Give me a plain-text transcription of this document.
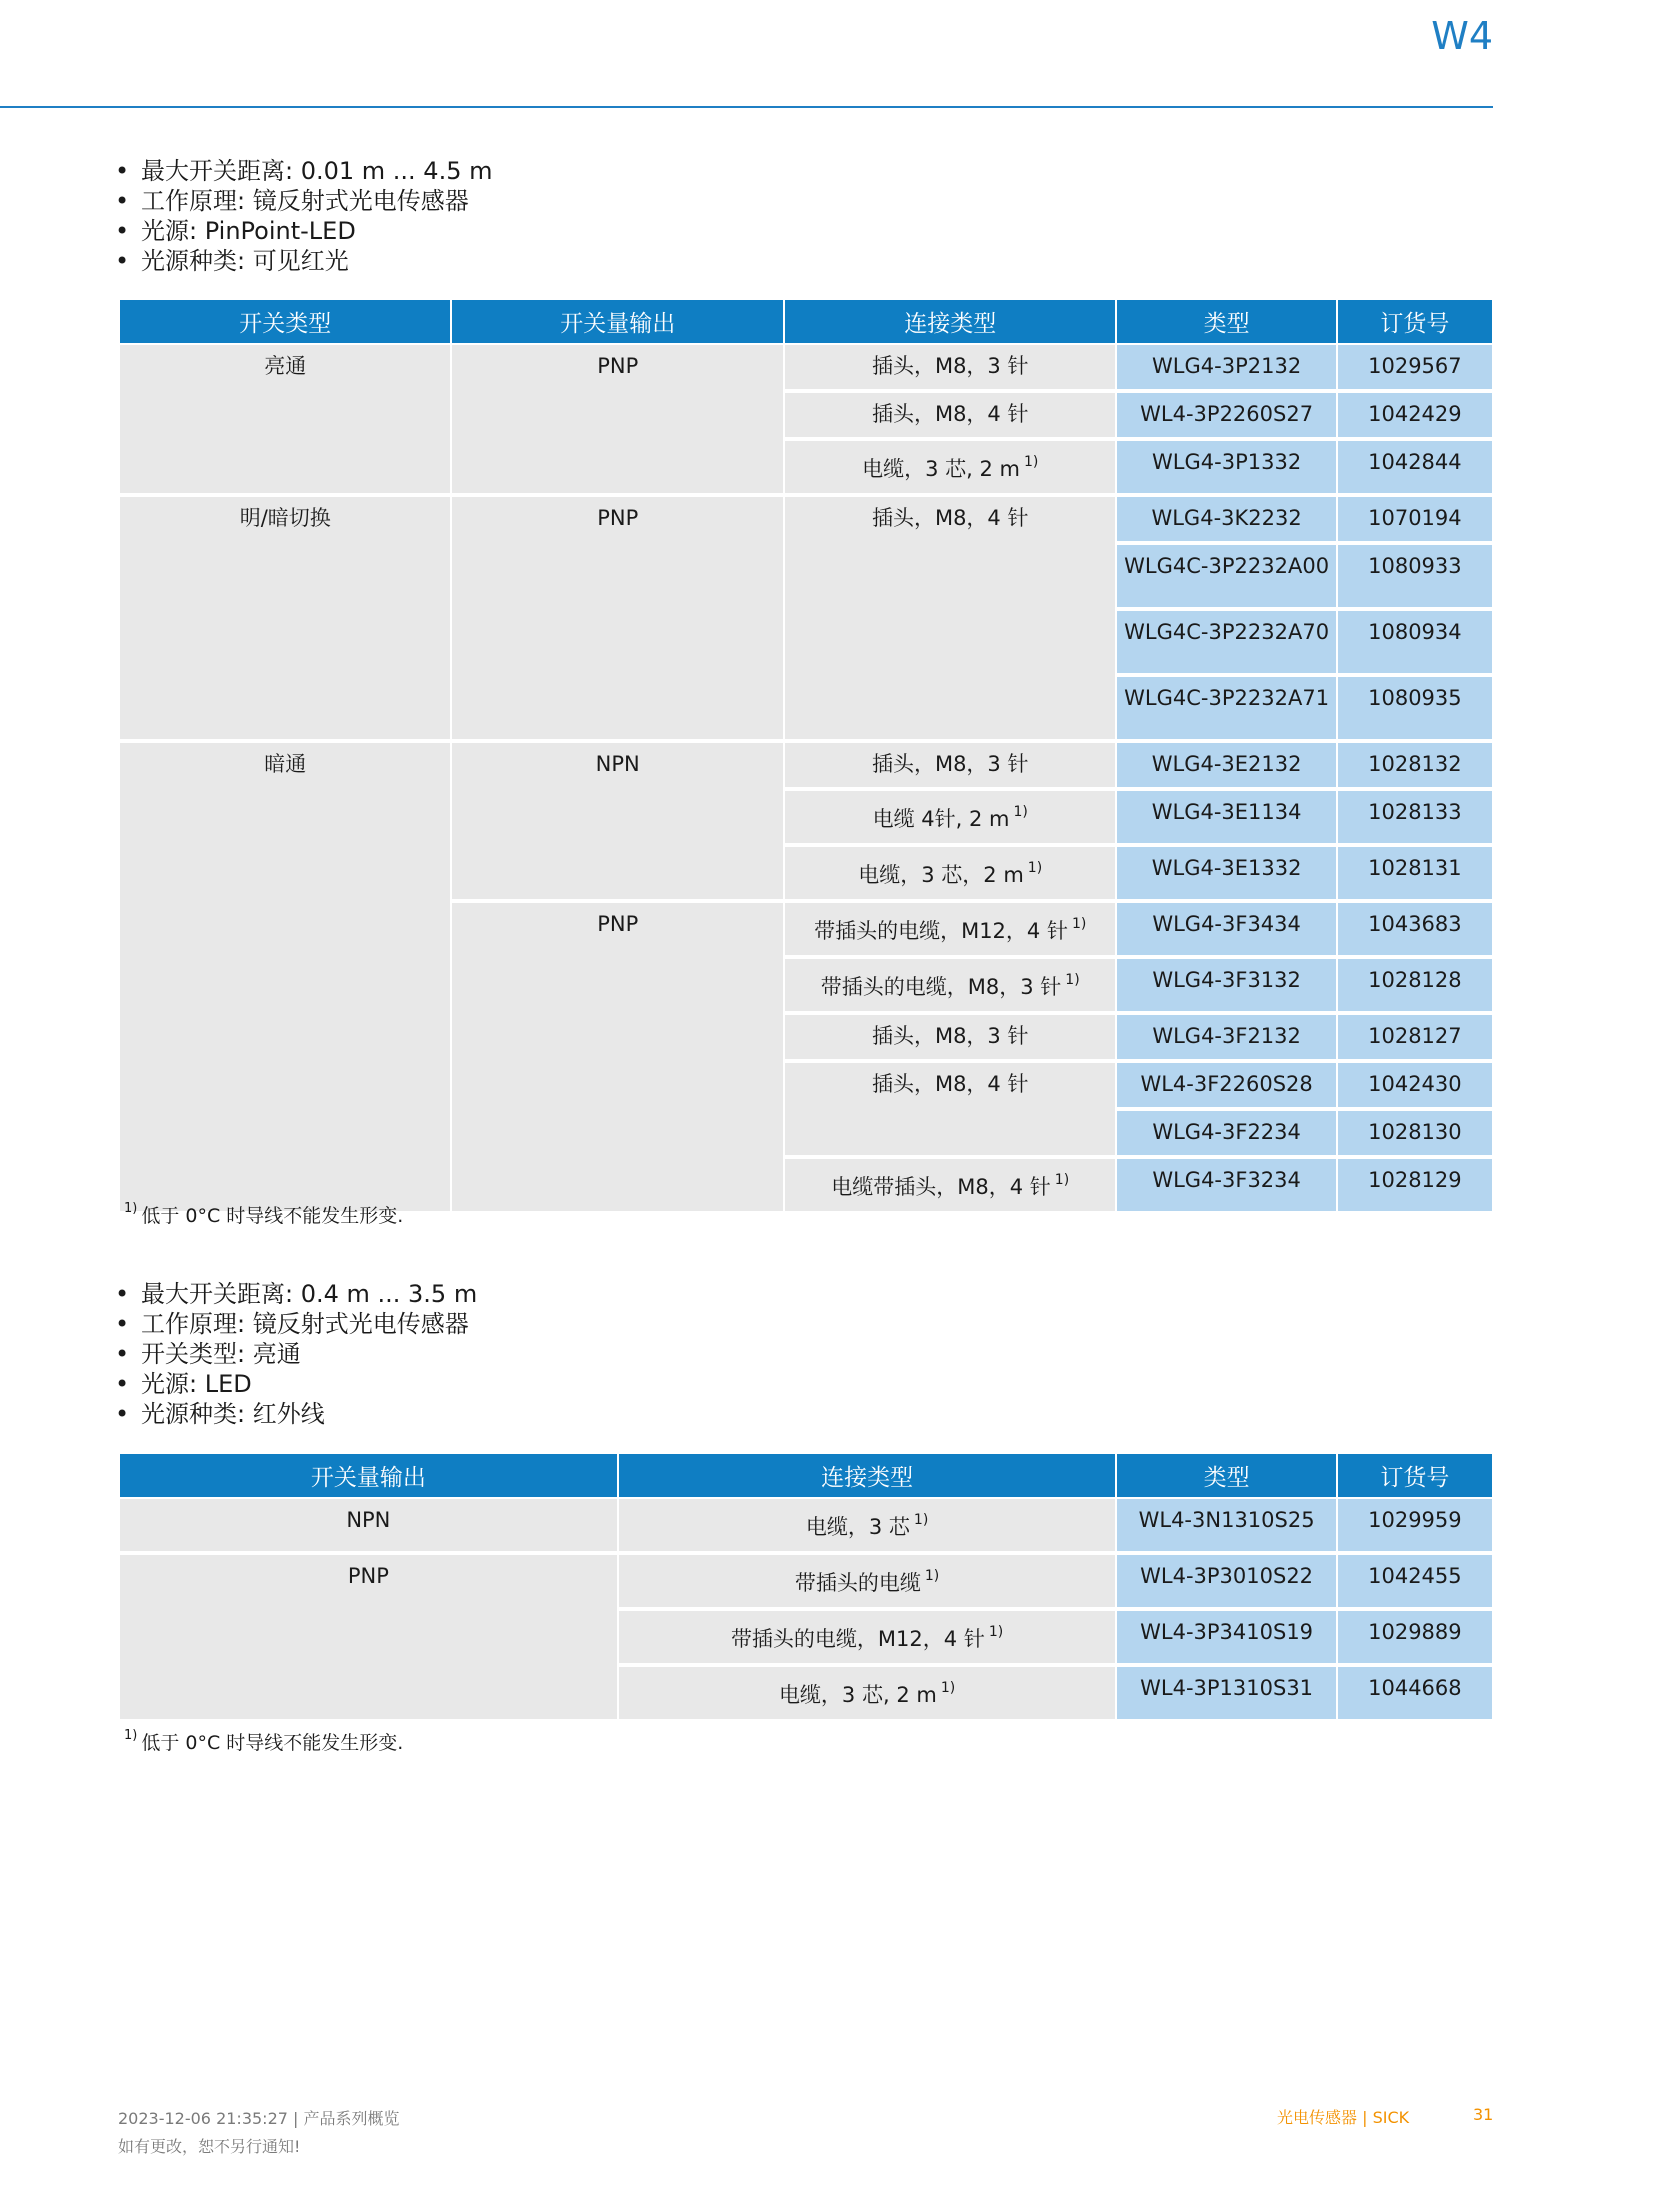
W4
• 最大开关距离: 0.01 m ... 4.5 m
• 工作原理: 镜反射式光电传感器
• 光源: PinPoint-LED
• 光源种类: 可见红光
开关类型	开关量输出	连接类型	类型	订货号
亮通	PNP	插头，M8，3 针	WLG4-3P2132	1029567
		插头，M8，4 针	WL4-3P2260S27	1042429
		电缆，3 芯, 2 m $^{1)}$	WLG4-3P1332	1042844
明/暗切换	PNP	插头，M8，4 针	WLG4-3K2232	1070194
			WLG4C-3P2232A00	1080933
			WLG4C-3P2232A70	1080934
			WLG4C-3P2232A71	1080935
暗通	NPN	插头，M8，3 针	WLG4-3E2132	1028132
		电缆 4针, 2 m $^{1)}$	WLG4-3E1134	1028133
		电缆，3 芯，2 m $^{1)}$	WLG4-3E1332	1028131
	PNP	带插头的电缆，M12，4 针 $^{1)}$	WLG4-3F3434	1043683
		带插头的电缆，M8，3 针 $^{1)}$	WLG4-3F3132	1028128
		插头，M8，3 针	WLG4-3F2132	1028127
		插头，M8，4 针	WL4-3F2260S28	1042430
			WLG4-3F2234	1028130
		电缆带插头，M8，4 针 $^{1)}$	WLG4-3F3234	1028129
$^{1)}$ 低于 0°C 时导线不能发生形变.
• 最大开关距离: 0.4 m ... 3.5 m
• 工作原理: 镜反射式光电传感器
• 开关类型: 亮通
• 光源: LED
• 光源种类: 红外线
开关量输出	连接类型	类型	订货号
NPN	电缆，3 芯 $^{1)}$	WL4-3N1310S25	1029959
PNP	带插头的电缆 $^{1)}$	WL4-3P3010S22	1042455
	带插头的电缆，M12，4 针 $^{1)}$	WL4-3P3410S19	1029889
	电缆，3 芯, 2 m $^{1)}$	WL4-3P1310S31	1044668
$^{1)}$ 低于 0°C 时导线不能发生形变.
2023-12-06 21:35:27 | 产品系列概览
如有更改，恕不另行通知!
光电传感器 | SICK	31
